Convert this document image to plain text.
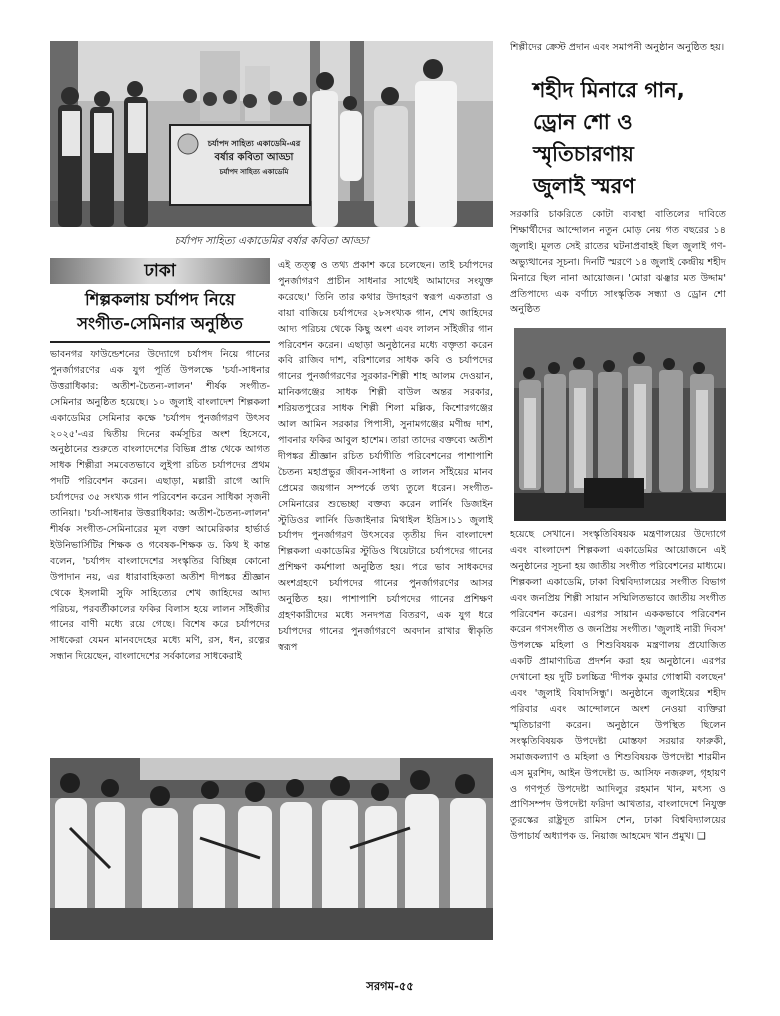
চর্যাপদ সাহিত্য একাডেমি-এর
বর্ষার কবিতা আড্ডা
চর্যাপদ সাহিত্য একাডেমি
চর্যাপদ সাহিত্য একাডেমির বর্ষার কবিতা আড্ডা
ঢাকা
শিল্পকলায় চর্যাপদ নিয়ে
সংগীত-সেমিনার অনুষ্ঠিত

ভাবনগর ফাউন্ডেশনের উদ্যোগে চর্যাপদ নিয়ে গানের পুনর্জাগরণের এক যুগ পূর্তি উপলক্ষে 'চর্যা-সাধনার উত্তরাধিকার: অতীশ-চৈতন্য-লালন' শীর্ষক সংগীত-সেমিনার অনুষ্ঠিত হয়েছে। ১০ জুলাই বাংলাদেশ শিল্পকলা একাডেমির সেমিনার কক্ষে 'চর্যাপদ পুনর্জাগরণ উৎসব ২০২৫'-এর দ্বিতীয় দিনের কর্মসূচির অংশ হিসেবে, অনুষ্ঠানের শুরুতে বাংলাদেশের বিভিন্ন প্রান্ত থেকে আগত সাধক শিল্পীরা সমবেতভাবে লুইপা রচিত চর্যাপদের প্রথম পদটি পরিবেশন করেন। এছাড়া, মল্লারী রাগে আদি চর্যাপদের ৩৫ সংখ্যক গান পরিবেশন করেন সাধিকা সৃজনী তানিয়া। 'চর্যা-সাধনার উত্তরাধিকার: অতীশ-চৈতন্য-লালন' শীর্ষক সংগীত-সেমিনারের মূল বক্তা আমেরিকার হার্ভার্ড ইউনিভার্সিটির শিক্ষক ও গবেষক-শিক্ষক ড. কিথ ই কান্ত বলেন, 'চর্যাপদ বাংলাদেশের সংস্কৃতির বিচ্ছিন্ন কোনো উপাদান নয়, এর ধারাবাহিকতা অতীশ দীপঙ্কর শ্রীজ্ঞান থেকে ইসলামী সুফি সাহিত্যের শেখ জাহিদের আদ্য পরিচয়, পরবর্তীকালের ফকির বিলাস হয়ে লালন সাঁইজীর গানের বাণী মধ্যে রয়ে গেছে। বিশেষ করে চর্যাপদের সাধকেরা যেমন মানবদেহের মধ্যে মণি, রস, ধন, রত্নের সন্ধান দিয়েছেন, বাংলাদেশের সর্বকালের সাধকেরাই

এই তত্ত্ব ও তথ্য প্রকাশ করে চলেছেন। তাই চর্যাপদের পুনর্জাগরণ প্রাচীন সাধনার সাথেই আমাদের সংযুক্ত করেছে।' তিনি তার কথার উদাহরণ স্বরূপ একতারা ও বায়া বাজিয়ে চর্যাপদের ২৮সংখ্যক গান, শেখ জাহিদের আদ্য পরিচয় থেকে কিছু অংশ এবং লালন সাঁইজীর গান পরিবেশন করেন। এছাড়া অনুষ্ঠানের মধ্যে বক্তৃতা করেন কবি রাজিব দাশ, বরিশালের সাধক কবি ও চর্যাপদের গানের পুনর্জাগরণের সুরকার-শিল্পী শাহ আলম দেওয়ান, মানিকগঞ্জের সাধক শিল্পী বাউল অন্তর সরকার, শরিয়তপুরের সাধক শিল্পী শিলা মল্লিক, কিশোরগঞ্জের আল আমিন সরকার পিপাসী, সুনামগঞ্জের মণীন্দ্র দাশ, পাবনার ফকির আবুল হাশেম। তারা তাদের বক্তব্যে অতীশ দীপঙ্কর শ্রীজ্ঞান রচিত চর্যাগীতি পরিবেশনের পাশাপাশি চৈতন্য মহাপ্রভুর জীবন-সাধনা ও লালন সাঁইয়ের মানব প্রেমের জয়গান সম্পর্কে তথ্য তুলে ধরেন। সংগীত-সেমিনারের শুভেচ্ছা বক্তব্য করেন লার্নিং ডিজাইন স্টুডিওর লার্নিং ডিজাইনার মিথাইল ইদ্রিস।১১ জুলাই চর্যাপদ পুনর্জাগরণ উৎসবের তৃতীয় দিন বাংলাদেশ শিল্পকলা একাডেমির স্টুডিও থিয়েটারে চর্যাপদের গানের প্রশিক্ষণ কর্মশালা অনুষ্ঠিত হয়। পরে ভাব সাধকদের অংশগ্রহণে চর্যাপদের গানের পুনর্জাগরণের আসর অনুষ্ঠিত হয়। পাশাপাশি চর্যাপদের গানের প্রশিক্ষণ গ্রহণকারীদের মধ্যে সনদপত্র বিতরণ, এক যুগ ধরে চর্যাপদের গানের পুনর্জাগরণে অবদান রাখার স্বীকৃতি স্বরূপ

শিল্পীদের ক্রেস্ট প্রদান এবং সমাপনী অনুষ্ঠান অনুষ্ঠিত হয়।

শহীদ মিনারে গান,
ড্রোন শো ও
স্মৃতিচারণায়
জুলাই স্মরণ

সরকারি চাকরিতে কোটা ব্যবস্থা বাতিলের দাবিতে শিক্ষার্থীদের আন্দোলন নতুন মোড় নেয় গত বছরের ১৪ জুলাই। মূলত সেই রাতের ঘটনাপ্রবাহই ছিল জুলাই গণ-অভ্যুত্থানের সূচনা। দিনটি স্মরণে ১৪ জুলাই কেন্দ্রীয় শহীদ মিনারে ছিল নানা আয়োজন। 'মোরা ঝঞ্ঝার মত উদ্দাম' প্রতিপাদ্যে এক বর্ণাঢ্য সাংস্কৃতিক সন্ধ্যা ও ড্রোন শো অনুষ্ঠিত

হয়েছে সেখানে। সংস্কৃতিবিষয়ক মন্ত্রণালয়ের উদ্যোগে এবং বাংলাদেশ শিল্পকলা একাডেমির আয়োজনে এই অনুষ্ঠানের সূচনা হয় জাতীয় সংগীত পরিবেশনের মাধ্যমে। শিল্পকলা একাডেমি, ঢাকা বিশ্ববিদ্যালয়ের সংগীত বিভাগ এবং জনপ্রিয় শিল্পী সায়ান সম্মিলিতভাবে জাতীয় সংগীত পরিবেশন করেন। এরপর সায়ান এককভাবে পরিবেশন করেন গণসংগীত ও জনপ্রিয় সংগীত। 'জুলাই নারী দিবস' উপলক্ষে মহিলা ও শিশুবিষয়ক মন্ত্রণালয় প্রযোজিত একটি প্রামাণ্যচিত্র প্রদর্শন করা হয় অনুষ্ঠানে। এরপর দেখানো হয় দুটি চলচ্চিত্র 'দীপক কুমার গোস্বামী বলছেন' এবং 'জুলাই বিষাদসিন্ধু'। অনুষ্ঠানে জুলাইয়ের শহীদ পরিবার এবং আন্দোলনে অংশ নেওয়া ব্যক্তিরা স্মৃতিচারণা করেন। অনুষ্ঠানে উপস্থিত ছিলেন সংস্কৃতিবিষয়ক উপদেষ্টা মোস্তফা সরয়ার ফারুকী, সমাজকল্যাণ ও মহিলা ও শিশুবিষয়ক উপদেষ্টা শারমীন এস মুরশিদ, আইন উপদেষ্টা ড. আসিফ নজরুল, গৃহায়ণ ও গণপূর্ত উপদেষ্টা আদিলুর রহমান খান, মৎস্য ও প্রাণিসম্পদ উপদেষ্টা ফরিদা আখতার, বাংলাদেশে নিযুক্ত তুরস্কের রাষ্ট্রদূত রামিস শেন, ঢাকা বিশ্ববিদ্যালয়ের উপাচার্য অধ্যাপক ড. নিয়াজ আহমেদ খান প্রমুখ। ❑

সরগম-৫৫
